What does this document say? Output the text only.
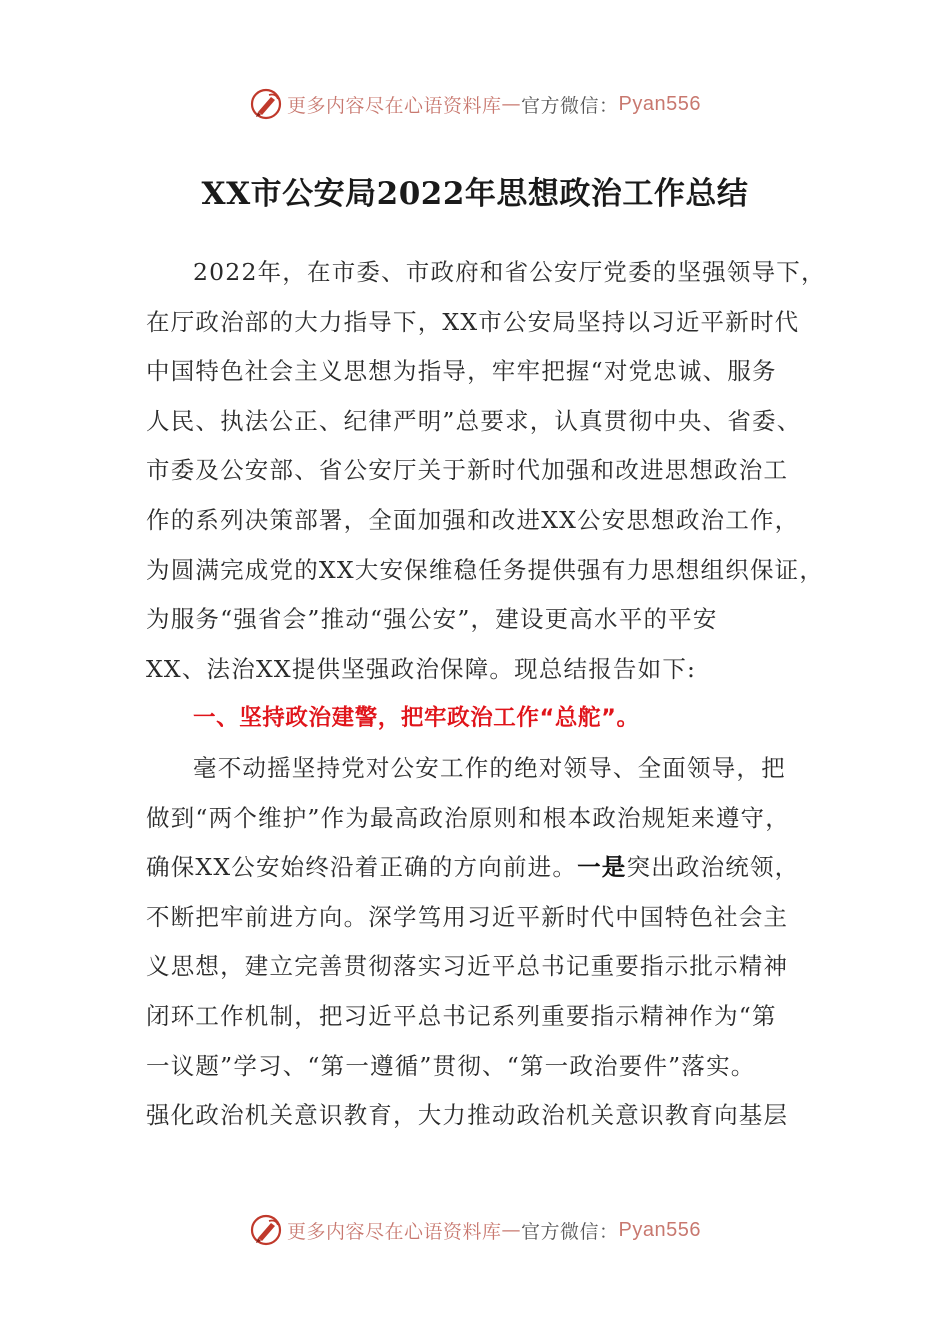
更多内容尽在心语资料库 — 官方微信： Pyan556
XX市公安局2022年思想政治工作总结
2022年，在市委、市政府和省公安厅党委的坚强领导下，
在厅政治部的大力指导下，XX市公安局坚持以习近平新时代
中国特色社会主义思想为指导，牢牢把握“对党忠诚、服务
人民、执法公正、纪律严明”总要求，认真贯彻中央、省委、
市委及公安部、省公安厅关于新时代加强和改进思想政治工
作的系列决策部署，全面加强和改进XX公安思想政治工作，
为圆满完成党的XX大安保维稳任务提供强有力思想组织保证，
为服务“强省会”推动“强公安”，建设更高水平的平安
XX、法治XX提供坚强政治保障。现总结报告如下:
一、坚持政治建警，把牢政治工作“总舵”。
毫不动摇坚持党对公安工作的绝对领导、全面领导，把
做到“两个维护”作为最高政治原则和根本政治规矩来遵守，
确保XX公安始终沿着正确的方向前进。一是突出政治统领，
不断把牢前进方向。深学笃用习近平新时代中国特色社会主
义思想，建立完善贯彻落实习近平总书记重要指示批示精神
闭环工作机制，把习近平总书记系列重要指示精神作为“第
一议题”学习、“第一遵循”贯彻、“第一政治要件”落实。
强化政治机关意识教育，大力推动政治机关意识教育向基层
更多内容尽在心语资料库 — 官方微信： Pyan556
